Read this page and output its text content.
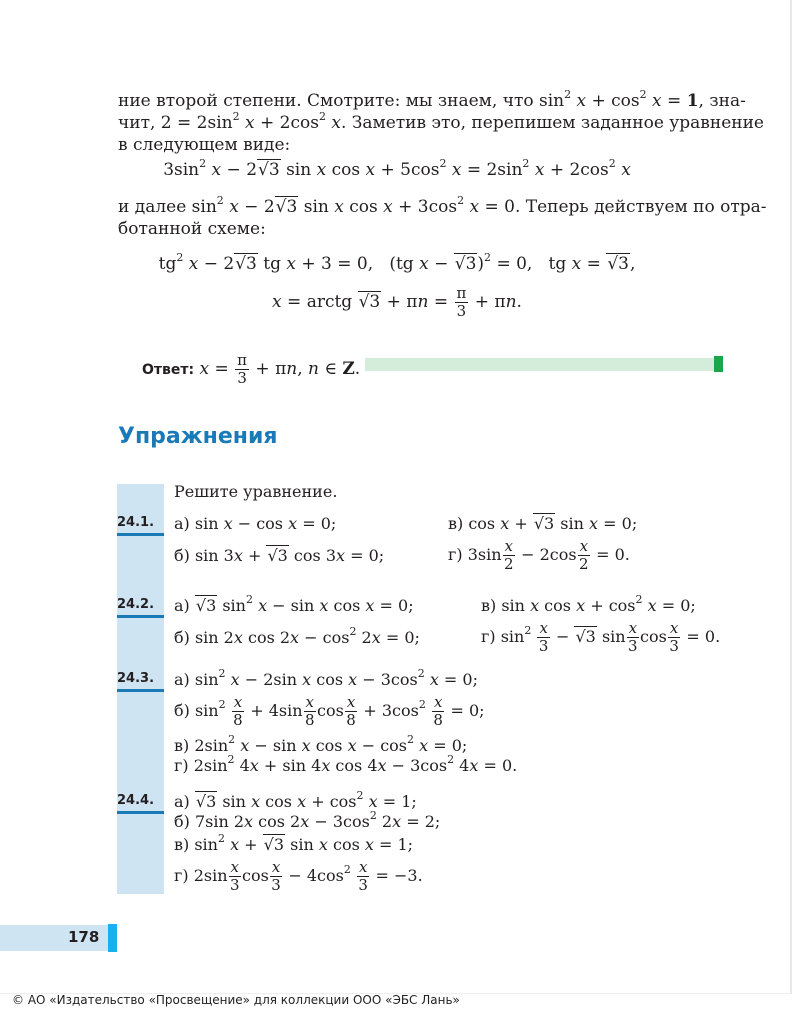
ние второй степени. Смотрите: мы знаем, что $\sin^2 x + \cos^2 x = 1$, зна-
чит, $2 = 2\sin^2$ $x + 2\cos^2$ x. Заметив это, перепишем заданное уравнение
в следующем виде:
$3\sin^2$ x − 2√3 sin x $\cos x + 5\cos^2$ $x = 2\sin^2$ $x + 2\cos^2$ x
и далее $\sin^2 x - 2√3$ sin x $\cos x + 3\cos^2$ x = 0. Теперь действуем по отра-
ботанной схеме:
$tg^2$ x − 2√3 tg x + 3 = 0,   (tg x − √3)$^2$ = 0,   tg x = √3,
x = arctg $√3 + \pi n = \frac{\pi}{3} + \pi n$.
Ответ: $x = \frac{\pi}{3} + \pi n$, n ∈ Z.
Упражнения
Решите уравнение.
24.1. а) sin x − cos x = 0;	в) cos x + √3 sin x = 0;
б) sin 3x + √3 cos 3x = 0;	г) $3\sin \frac{x}{2} - 2\cos \frac{x}{2} = 0$.
24.2. а) √3 $\sin^2 x - \sin x$ cos x = 0;	в) sin x $\cos x + \cos^2 x = 0$;
б) sin 2x $\cos 2x - \cos^2 2x = 0$;	г) $\sin^2 \frac{x}{3} - √3$ $\sin \frac{x}{3}$ $\cos \frac{x}{3} = 0$.
24.3. а) $\sin^2 x - 2\sin$ x $\cos x - 3\cos^2$ x = 0;
б) $\sin^2 \frac{x}{8} + 4\sin \frac{x}{8}$ $\cos \frac{x}{8} + 3\cos^2 \frac{x}{8} = 0$;
в) $2\sin^2$ x − sin x $\cos x - \cos^2 x = 0$;
г) $2\sin^2$ 4x + sin 4x $\cos 4x - 3\cos^2$ 4x = 0.
24.4. а) √3 sin x $\cos x + \cos^2 x = 1$;
б) 7sin 2x $\cos 2x - 3\cos^2$ 2x = 2;
в) $\sin^2 x + √3$ sin x cos x = 1;
г) $2\sin \frac{x}{3}$ $\cos \frac{x}{3} - 4\cos^2 \frac{x}{3} = -3$.
178
© АО «Издательство «Просвещение» для коллекции ООО «ЭБС Лань»
